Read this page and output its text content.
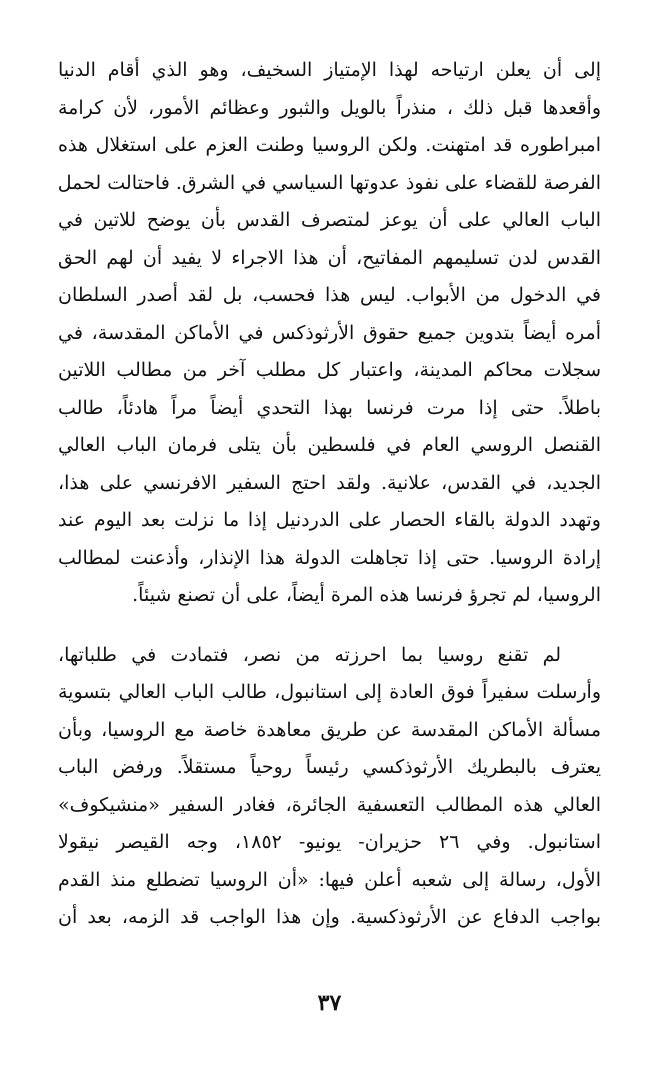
إلى أن يعلن ارتياحه لهذا الإمتياز السخيف، وهو الذي أقام الدنيا
وأقعدها قبل ذلك ، منذراً بالويل والثبور وعظائم الأمور، لأن كرامة
امبراطوره قد امتهنت. ولكن الروسيا وطنت العزم على استغلال هذه
الفرصة للقضاء على نفوذ عدوتها السياسي في الشرق. فاحتالت لحمل
الباب العالي على أن يوعز لمتصرف القدس بأن يوضح للاتين في
القدس لدن تسليمهم المفاتيح، أن هذا الاجراء لا يفيد أن لهم الحق
في الدخول من الأبواب. ليس هذا فحسب، بل لقد أصدر السلطان
أمره أيضاً بتدوين جميع حقوق الأرثوذكس في الأماكن المقدسة، في
سجلات محاكم المدينة، واعتبار كل مطلب آخر من مطالب اللاتين
باطلاً. حتى إذا مرت فرنسا بهذا التحدي أيضاً مراً هادئاً، طالب
القنصل الروسي العام في فلسطين بأن يتلى فرمان الباب العالي
الجديد، في القدس، علانية. ولقد احتج السفير الافرنسي على هذا،
وتهدد الدولة بالقاء الحصار على الدردنيل إذا ما نزلت بعد اليوم عند
إرادة الروسيا. حتى إذا تجاهلت الدولة هذا الإنذار، وأذعنت لمطالب
الروسيا، لم تجرؤ فرنسا هذه المرة أيضاً، على أن تصنع شيئاً.
لم تقنع روسيا بما احرزته من نصر، فتمادت في طلباتها،
وأرسلت سفيراً فوق العادة إلى استانبول، طالب الباب العالي بتسوية
مسألة الأماكن المقدسة عن طريق معاهدة خاصة مع الروسيا، وبأن
يعترف بالبطريك الأرثوذكسي رئيساً روحياً مستقلاً. ورفض الباب
العالي هذه المطالب التعسفية الجائرة، فغادر السفير «منشيكوف»
استانبول. وفي ٢٦ حزيران- يونيو- ١٨٥٢، وجه القيصر نيقولا
الأول، رسالة إلى شعبه أعلن فيها: «أن الروسيا تضطلع منذ القدم
بواجب الدفاع عن الأرثوذكسية. وإن هذا الواجب قد الزمه، بعد أن
٣٧
